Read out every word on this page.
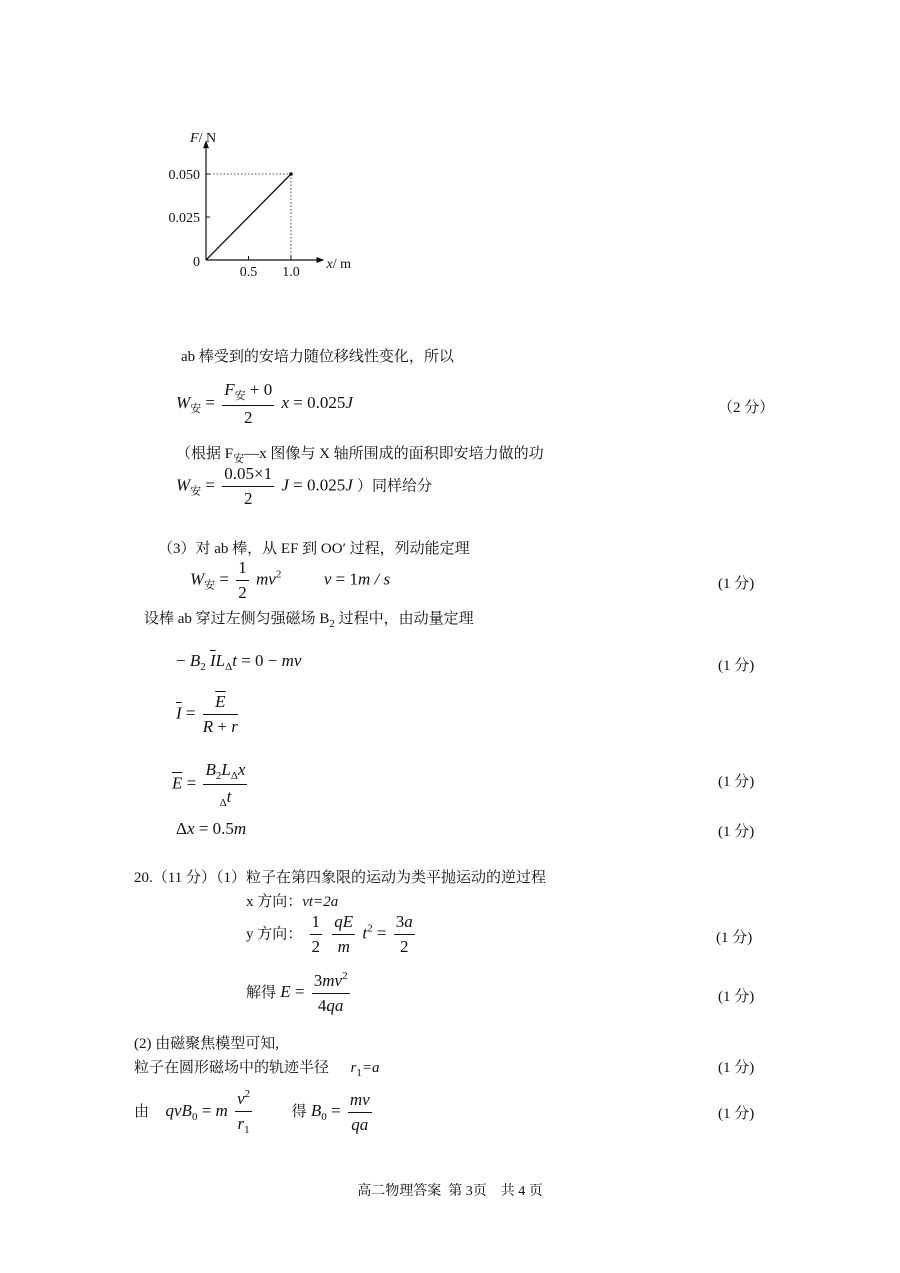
0.5 1.0
0.025
0.050
0	x/ m
F/ N
ab 棒受到的安培力随位移线性变化，所以
$W_安 = \frac{F_安 + 0}{2}$ x = 0.025J	（2 分）
（根据 $F_安—x$ 图像与 X 轴所围成的面积即安培力做的功
$W_安 = \frac{0.05\times 1}{2}$ J = 0.025J ）同样给分
（3）对 ab 棒，从 EF 到 OO′ 过程，列动能定理
$W_安 = \frac{1}{2} mv^2$  v = 1m / s	(1 分)
设棒 ab 穿过左侧匀强磁场 $B_2$ 过程中，由动量定理
− $B_2$ $\overline{I}L_\Delta t = 0$ − mv	(1 分)
$\overline{I} = \frac{\overline{E}}{R + r}$
$\overline{E} = \frac{B_2L_\Delta x}{_\Delta t}$	(1 分)
Δx = 0.5m	(1 分)
20.（11 分）（1）粒子在第四象限的运动为类平抛运动的逆过程
x 方向：vt=2a
y 方向： $\frac{1}{2}$
$\frac{qE}{m} t^2 = \frac{3a}{2}$	(1 分)
解得 $E = \frac{3mv^2}{4qa}$	(1 分)
(2) 由磁聚焦模型可知,
粒子在圆形磁场中的轨迹半径 $r_1=a$	(1 分)
由  qvB$_0$ = m $\frac{v^2}{r_1}$	得 $B_0 = \frac{mv}{qa}$	(1 分)
高二物理答案  第 3页    共 4 页
